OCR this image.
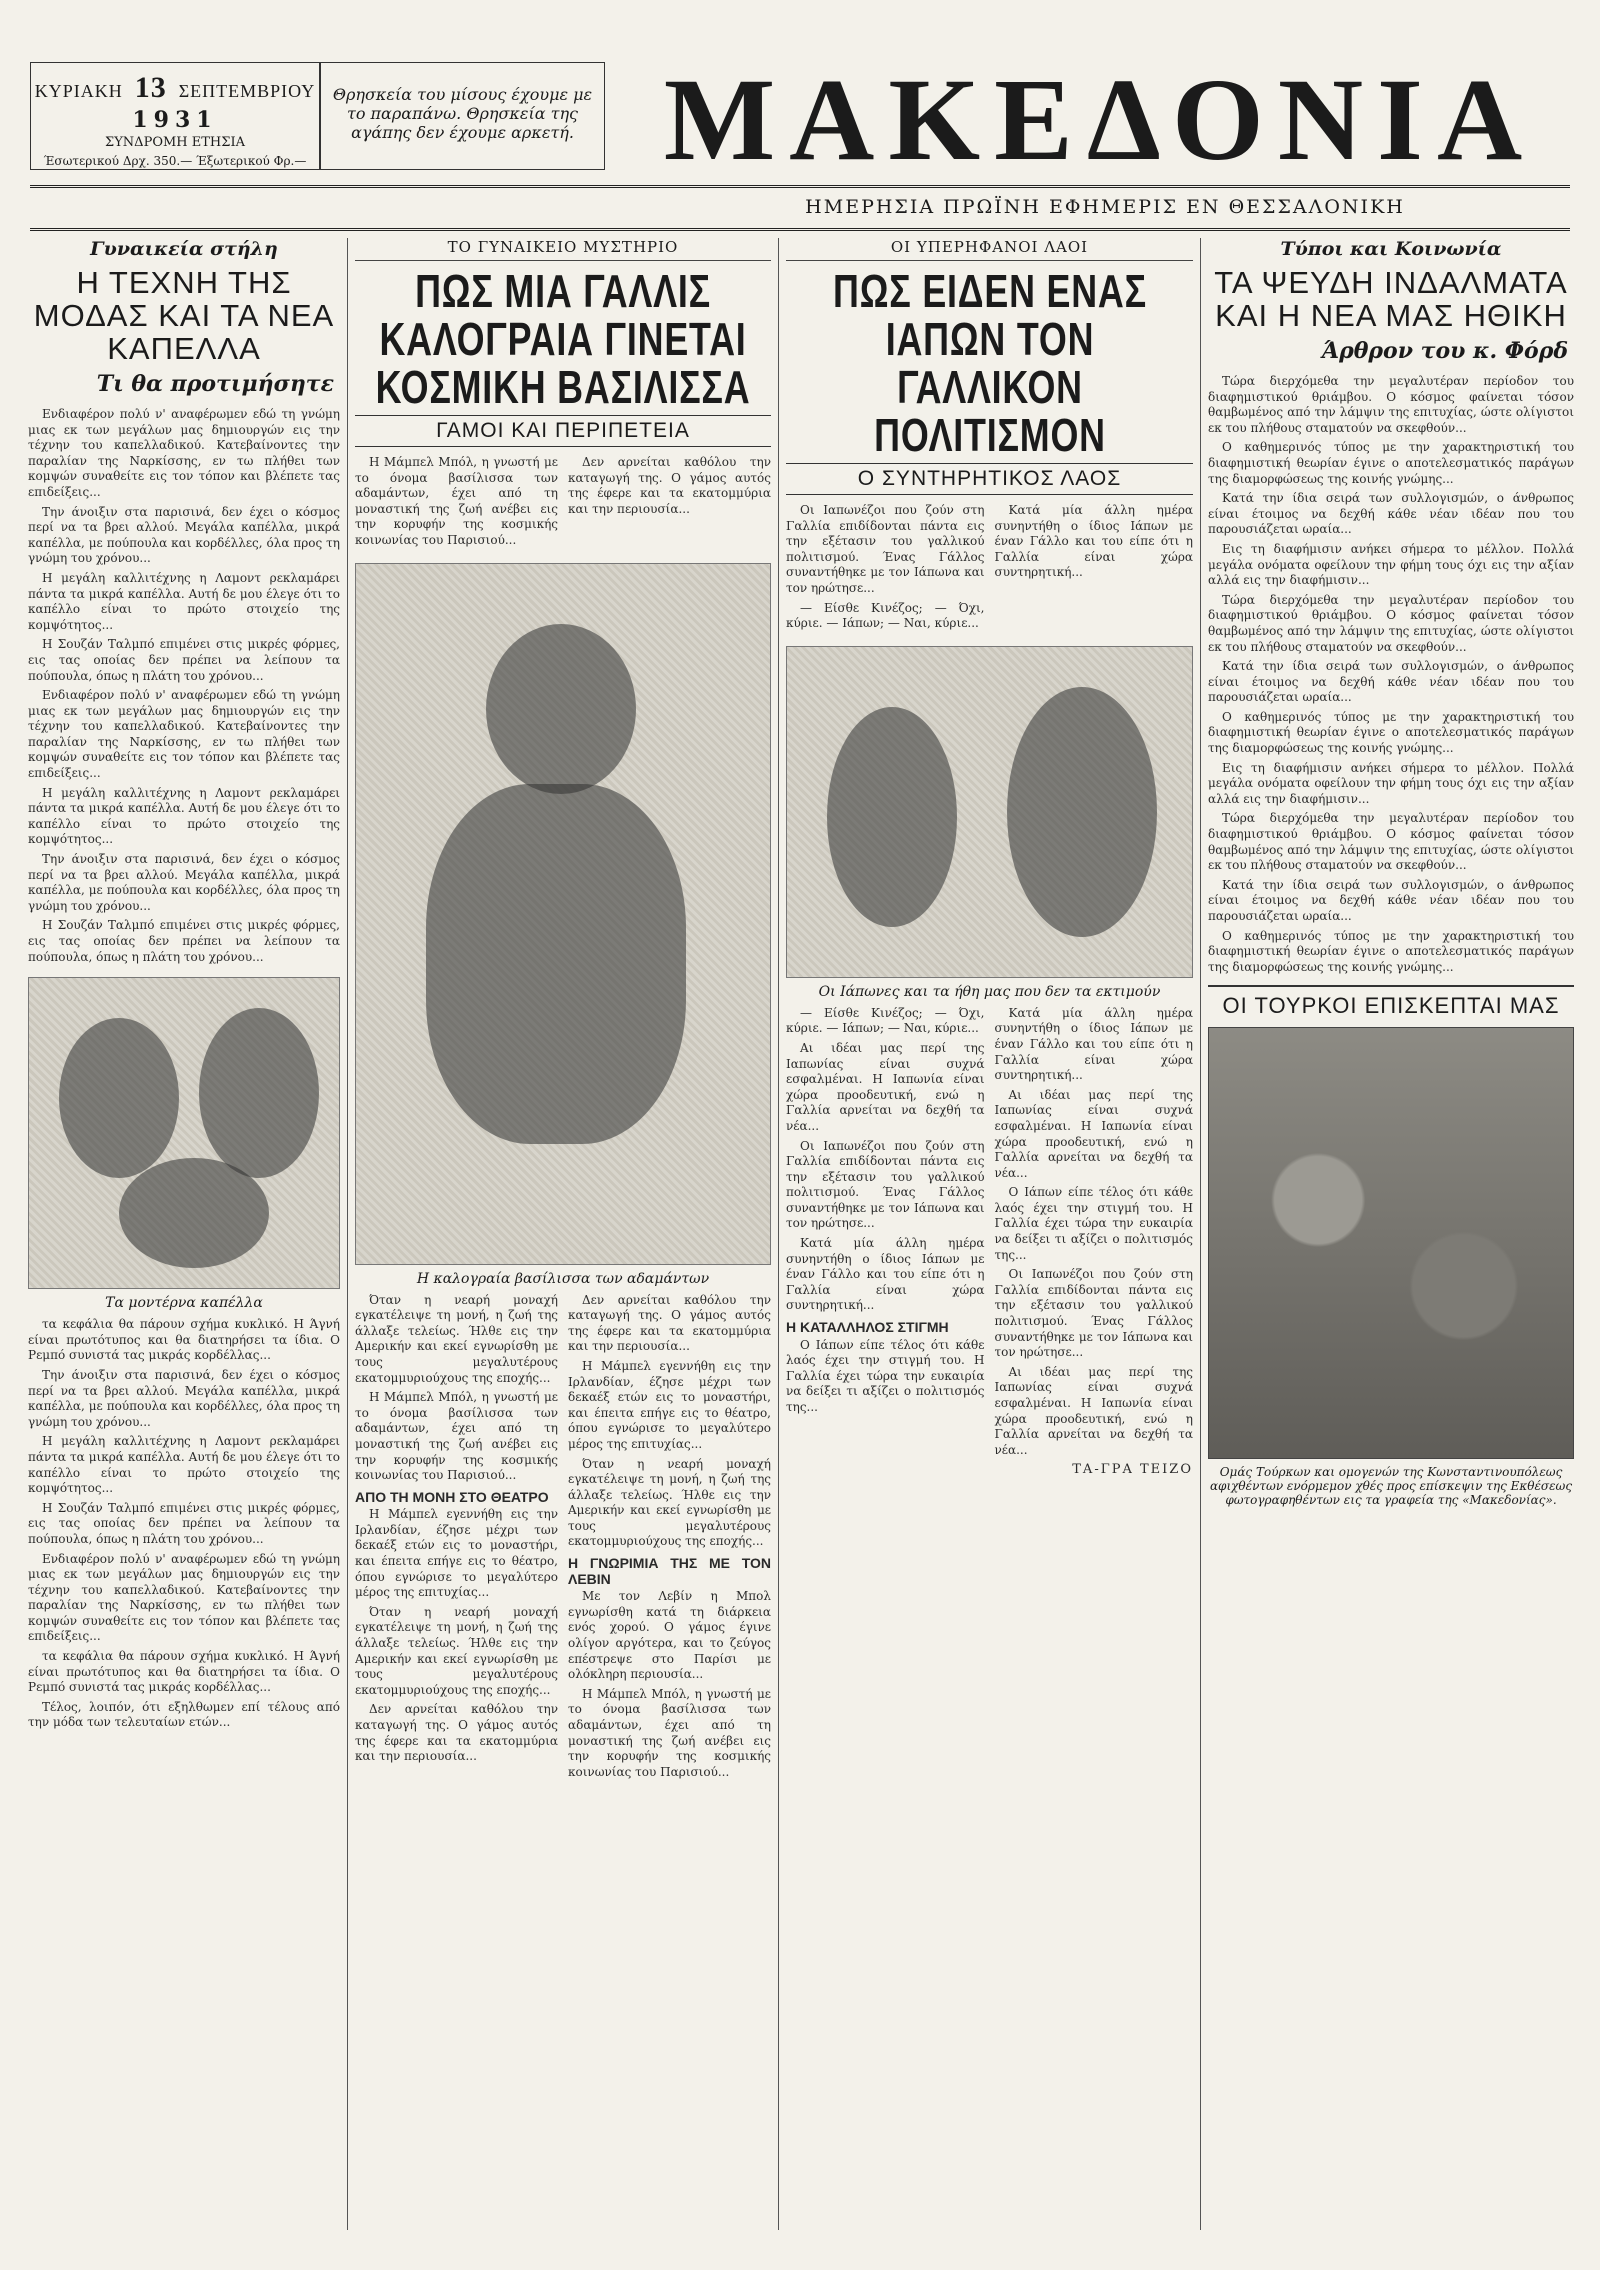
ΚΥΡΙΑΚΗ 13 ΣΕΠΤΕΜΒΡΙΟΥ
1931
ΣΥΝΔΡΟΜΗ ΕΤΗΣΙΑ
Έσωτερικού Δρχ. 350.— Έξωτερικού Φρ.—
Θρησκεία του μίσους έχουμε με το παραπάνω. Θρησκεία της αγάπης δεν έχουμε αρκετή. ΜΑΚΕΔΟΝΙΑ
ΗΜΕΡΗΣΙΑ ΠΡΩΪΝΗ ΕΦΗΜΕΡΙΣ ΕΝ ΘΕΣΣΑΛΟΝΙΚΗ
Γυναικεία στήλη
Η ΤΕΧΝΗ ΤΗΣ ΜΟΔΑΣ ΚΑΙ ΤΑ ΝΕΑ ΚΑΠΕΛΛΑ
Τι θα προτιμήσητε

Ενδιαφέρον πολύ ν' αναφέρωμεν εδώ τη γνώμη μιας εκ των μεγάλων μας δημιουργών εις την τέχνην του καπελλαδικού. Κατεβαίνοντες την παραλίαν της Ναρκίσσης, εν τω πλήθει των κομψών συναθείτε εις τον τόπον και βλέπετε τας επιδείξεις...

Την άνοιξιν στα παρισινά, δεν έχει ο κόσμος περί να τα βρει αλλού. Μεγάλα καπέλλα, μικρά καπέλλα, με πούπουλα και κορδέλλες, όλα προς τη γνώμη του χρόνου...

Η μεγάλη καλλιτέχνης η Λαμοντ ρεκλαμάρει πάντα τα μικρά καπέλλα. Αυτή δε μου έλεγε ότι το καπέλλο είναι το πρώτο στοιχείο της κομψότητος...

Η Σουζάν Ταλμπό επιμένει στις μικρές φόρμες, εις τας οποίας δεν πρέπει να λείπουν τα πούπουλα, όπως η πλάτη του χρόνου...

Ενδιαφέρον πολύ ν' αναφέρωμεν εδώ τη γνώμη μιας εκ των μεγάλων μας δημιουργών εις την τέχνην του καπελλαδικού. Κατεβαίνοντες την παραλίαν της Ναρκίσσης, εν τω πλήθει των κομψών συναθείτε εις τον τόπον και βλέπετε τας επιδείξεις...

Η μεγάλη καλλιτέχνης η Λαμοντ ρεκλαμάρει πάντα τα μικρά καπέλλα. Αυτή δε μου έλεγε ότι το καπέλλο είναι το πρώτο στοιχείο της κομψότητος...

Την άνοιξιν στα παρισινά, δεν έχει ο κόσμος περί να τα βρει αλλού. Μεγάλα καπέλλα, μικρά καπέλλα, με πούπουλα και κορδέλλες, όλα προς τη γνώμη του χρόνου...

Η Σουζάν Ταλμπό επιμένει στις μικρές φόρμες, εις τας οποίας δεν πρέπει να λείπουν τα πούπουλα, όπως η πλάτη του χρόνου...

Τα μοντέρνα καπέλλα

τα κεφάλια θα πάρουν σχήμα κυκλικό. Η Άγνή είναι πρωτότυπος και θα διατηρήσει τα ίδια. Ο Ρεμπό συνιστά τας μικράς κορδέλλας...

Την άνοιξιν στα παρισινά, δεν έχει ο κόσμος περί να τα βρει αλλού. Μεγάλα καπέλλα, μικρά καπέλλα, με πούπουλα και κορδέλλες, όλα προς τη γνώμη του χρόνου...

Η μεγάλη καλλιτέχνης η Λαμοντ ρεκλαμάρει πάντα τα μικρά καπέλλα. Αυτή δε μου έλεγε ότι το καπέλλο είναι το πρώτο στοιχείο της κομψότητος...

Η Σουζάν Ταλμπό επιμένει στις μικρές φόρμες, εις τας οποίας δεν πρέπει να λείπουν τα πούπουλα, όπως η πλάτη του χρόνου...

Ενδιαφέρον πολύ ν' αναφέρωμεν εδώ τη γνώμη μιας εκ των μεγάλων μας δημιουργών εις την τέχνην του καπελλαδικού. Κατεβαίνοντες την παραλίαν της Ναρκίσσης, εν τω πλήθει των κομψών συναθείτε εις τον τόπον και βλέπετε τας επιδείξεις...

τα κεφάλια θα πάρουν σχήμα κυκλικό. Η Άγνή είναι πρωτότυπος και θα διατηρήσει τα ίδια. Ο Ρεμπό συνιστά τας μικράς κορδέλλας...

Τέλος, λοιπόν, ότι εξηλθωμεν επί τέλους από την μόδα των τελευταίων ετών...

ΤΟ ΓΥΝΑΙΚΕΙΟ ΜΥΣΤΗΡΙΟ
ΠΩΣ ΜΙΑ ΓΑΛΛΙΣ ΚΑΛΟΓΡΑΙΑ ΓΙΝΕΤΑΙ ΚΟΣΜΙΚΗ ΒΑΣΙΛΙΣΣΑ
ΓΑΜΟΙ ΚΑΙ ΠΕΡΙΠΕΤΕΙΑ

Η Μάμπελ Μπόλ, η γνωστή με το όνομα βασίλισσα των αδαμάντων, έχει από τη μοναστική της ζωή ανέβει εις την κορυφήν της κοσμικής κοινωνίας του Παρισιού...

Δεν αρνείται καθόλου την καταγωγή της. Ο γάμος αυτός της έφερε και τα εκατομμύρια και την περιουσία...

Η καλογραία βασίλισσα των αδαμάντων

Όταν η νεαρή μοναχή εγκατέλειψε τη μονή, η ζωή της άλλαξε τελείως. Ήλθε εις την Αμερικήν και εκεί εγνωρίσθη με τους μεγαλυτέρους εκατομμυριούχους της εποχής...

Η Μάμπελ Μπόλ, η γνωστή με το όνομα βασίλισσα των αδαμάντων, έχει από τη μοναστική της ζωή ανέβει εις την κορυφήν της κοσμικής κοινωνίας του Παρισιού...

ΑΠΟ ΤΗ ΜΟΝΗ ΣΤΟ ΘΕΑΤΡΟ

Η Μάμπελ εγεννήθη εις την Ιρλανδίαν, έζησε μέχρι των δεκαέξ ετών εις το μοναστήρι, και έπειτα επήγε εις το θέατρο, όπου εγνώρισε το μεγαλύτερο μέρος της επιτυχίας...

Όταν η νεαρή μοναχή εγκατέλειψε τη μονή, η ζωή της άλλαξε τελείως. Ήλθε εις την Αμερικήν και εκεί εγνωρίσθη με τους μεγαλυτέρους εκατομμυριούχους της εποχής...

Δεν αρνείται καθόλου την καταγωγή της. Ο γάμος αυτός της έφερε και τα εκατομμύρια και την περιουσία...

Δεν αρνείται καθόλου την καταγωγή της. Ο γάμος αυτός της έφερε και τα εκατομμύρια και την περιουσία...

Η Μάμπελ εγεννήθη εις την Ιρλανδίαν, έζησε μέχρι των δεκαέξ ετών εις το μοναστήρι, και έπειτα επήγε εις το θέατρο, όπου εγνώρισε το μεγαλύτερο μέρος της επιτυχίας...

Όταν η νεαρή μοναχή εγκατέλειψε τη μονή, η ζωή της άλλαξε τελείως. Ήλθε εις την Αμερικήν και εκεί εγνωρίσθη με τους μεγαλυτέρους εκατομμυριούχους της εποχής...

Η ΓΝΩΡΙΜΙΑ ΤΗΣ ΜΕ ΤΟΝ ΛΕΒΙΝ

Με τον Λεβίν η Μπολ εγνωρίσθη κατά τη διάρκεια ενός χορού. Ο γάμος έγινε ολίγον αργότερα, και το ζεύγος επέστρεψε στο Παρίσι με ολόκληρη περιουσία...

Η Μάμπελ Μπόλ, η γνωστή με το όνομα βασίλισσα των αδαμάντων, έχει από τη μοναστική της ζωή ανέβει εις την κορυφήν της κοσμικής κοινωνίας του Παρισιού...

ΟΙ ΥΠΕΡΗΦΑΝΟΙ ΛΑΟΙ
ΠΩΣ ΕΙΔΕΝ ΕΝΑΣ ΙΑΠΩΝ ΤΟΝ ΓΑΛΛΙΚΟΝ ΠΟΛΙΤΙΣΜΟΝ
Ο ΣΥΝΤΗΡΗΤΙΚΟΣ ΛΑΟΣ

Οι Ιαπωνέζοι που ζούν στη Γαλλία επιδίδονται πάντα εις την εξέτασιν του γαλλικού πολιτισμού. Ένας Γάλλος συναντήθηκε με τον Ιάπωνα και τον ηρώτησε...

— Είσθε Κινέζος; — Όχι, κύριε. — Ιάπων; — Ναι, κύριε...

Κατά μία άλλη ημέρα συνηντήθη ο ίδιος Ιάπων με έναν Γάλλο και του είπε ότι η Γαλλία είναι χώρα συντηρητική...

Οι Ιάπωνες και τα ήθη μας που δεν τα εκτιμούν

— Είσθε Κινέζος; — Όχι, κύριε. — Ιάπων; — Ναι, κύριε...

Αι ιδέαι μας περί της Ιαπωνίας είναι συχνά εσφαλμέναι. Η Ιαπωνία είναι χώρα προοδευτική, ενώ η Γαλλία αρνείται να δεχθή τα νέα...

Οι Ιαπωνέζοι που ζούν στη Γαλλία επιδίδονται πάντα εις την εξέτασιν του γαλλικού πολιτισμού. Ένας Γάλλος συναντήθηκε με τον Ιάπωνα και τον ηρώτησε...

Κατά μία άλλη ημέρα συνηντήθη ο ίδιος Ιάπων με έναν Γάλλο και του είπε ότι η Γαλλία είναι χώρα συντηρητική...

Η ΚΑΤΑΛΛΗΛΟΣ ΣΤΙΓΜΗ

Ο Ιάπων είπε τέλος ότι κάθε λαός έχει την στιγμή του. Η Γαλλία έχει τώρα την ευκαιρία να δείξει τι αξίζει ο πολιτισμός της...

Κατά μία άλλη ημέρα συνηντήθη ο ίδιος Ιάπων με έναν Γάλλο και του είπε ότι η Γαλλία είναι χώρα συντηρητική...

Αι ιδέαι μας περί της Ιαπωνίας είναι συχνά εσφαλμέναι. Η Ιαπωνία είναι χώρα προοδευτική, ενώ η Γαλλία αρνείται να δεχθή τα νέα...

Ο Ιάπων είπε τέλος ότι κάθε λαός έχει την στιγμή του. Η Γαλλία έχει τώρα την ευκαιρία να δείξει τι αξίζει ο πολιτισμός της...

Οι Ιαπωνέζοι που ζούν στη Γαλλία επιδίδονται πάντα εις την εξέτασιν του γαλλικού πολιτισμού. Ένας Γάλλος συναντήθηκε με τον Ιάπωνα και τον ηρώτησε...

Αι ιδέαι μας περί της Ιαπωνίας είναι συχνά εσφαλμέναι. Η Ιαπωνία είναι χώρα προοδευτική, ενώ η Γαλλία αρνείται να δεχθή τα νέα...

ΤΑ-ΓΡΑ ΤΕΙΖΟ
Τύποι και Κοινωνία
ΤΑ ΨΕΥΔΗ ΙΝΔΑΛΜΑΤΑ ΚΑΙ Η ΝΕΑ ΜΑΣ ΗΘΙΚΗ
Άρθρον του κ. Φόρδ

Τώρα διερχόμεθα την μεγαλυτέραν περίοδον του διαφημιστικού θριάμβου. Ο κόσμος φαίνεται τόσον θαμβωμένος από την λάμψιν της επιτυχίας, ώστε ολίγιστοι εκ του πλήθους σταματούν να σκεφθούν...

Ο καθημερινός τύπος με την χαρακτηριστική του διαφημιστική θεωρίαν έγινε ο αποτελεσματικός παράγων της διαμορφώσεως της κοινής γνώμης...

Κατά την ίδια σειρά των συλλογισμών, ο άνθρωπος είναι έτοιμος να δεχθή κάθε νέαν ιδέαν που του παρουσιάζεται ωραία...

Εις τη διαφήμισιν ανήκει σήμερα το μέλλον. Πολλά μεγάλα ονόματα οφείλουν την φήμη τους όχι εις την αξίαν αλλά εις την διαφήμισιν...

Τώρα διερχόμεθα την μεγαλυτέραν περίοδον του διαφημιστικού θριάμβου. Ο κόσμος φαίνεται τόσον θαμβωμένος από την λάμψιν της επιτυχίας, ώστε ολίγιστοι εκ του πλήθους σταματούν να σκεφθούν...

Κατά την ίδια σειρά των συλλογισμών, ο άνθρωπος είναι έτοιμος να δεχθή κάθε νέαν ιδέαν που του παρουσιάζεται ωραία...

Ο καθημερινός τύπος με την χαρακτηριστική του διαφημιστική θεωρίαν έγινε ο αποτελεσματικός παράγων της διαμορφώσεως της κοινής γνώμης...

Εις τη διαφήμισιν ανήκει σήμερα το μέλλον. Πολλά μεγάλα ονόματα οφείλουν την φήμη τους όχι εις την αξίαν αλλά εις την διαφήμισιν...

Τώρα διερχόμεθα την μεγαλυτέραν περίοδον του διαφημιστικού θριάμβου. Ο κόσμος φαίνεται τόσον θαμβωμένος από την λάμψιν της επιτυχίας, ώστε ολίγιστοι εκ του πλήθους σταματούν να σκεφθούν...

Κατά την ίδια σειρά των συλλογισμών, ο άνθρωπος είναι έτοιμος να δεχθή κάθε νέαν ιδέαν που του παρουσιάζεται ωραία...

Ο καθημερινός τύπος με την χαρακτηριστική του διαφημιστική θεωρίαν έγινε ο αποτελεσματικός παράγων της διαμορφώσεως της κοινής γνώμης...

ΟΙ ΤΟΥΡΚΟΙ ΕΠΙΣΚΕΠΤΑΙ ΜΑΣ
Ομάς Τούρκων και ομογενών της Κωνσταντινουπόλεως αφιχθέντων ενόρμεμον χθές προς επίσκεψιν της Εκθέσεως φωτογραφηθέντων εις τα γραφεία της «Μακεδονίας».
